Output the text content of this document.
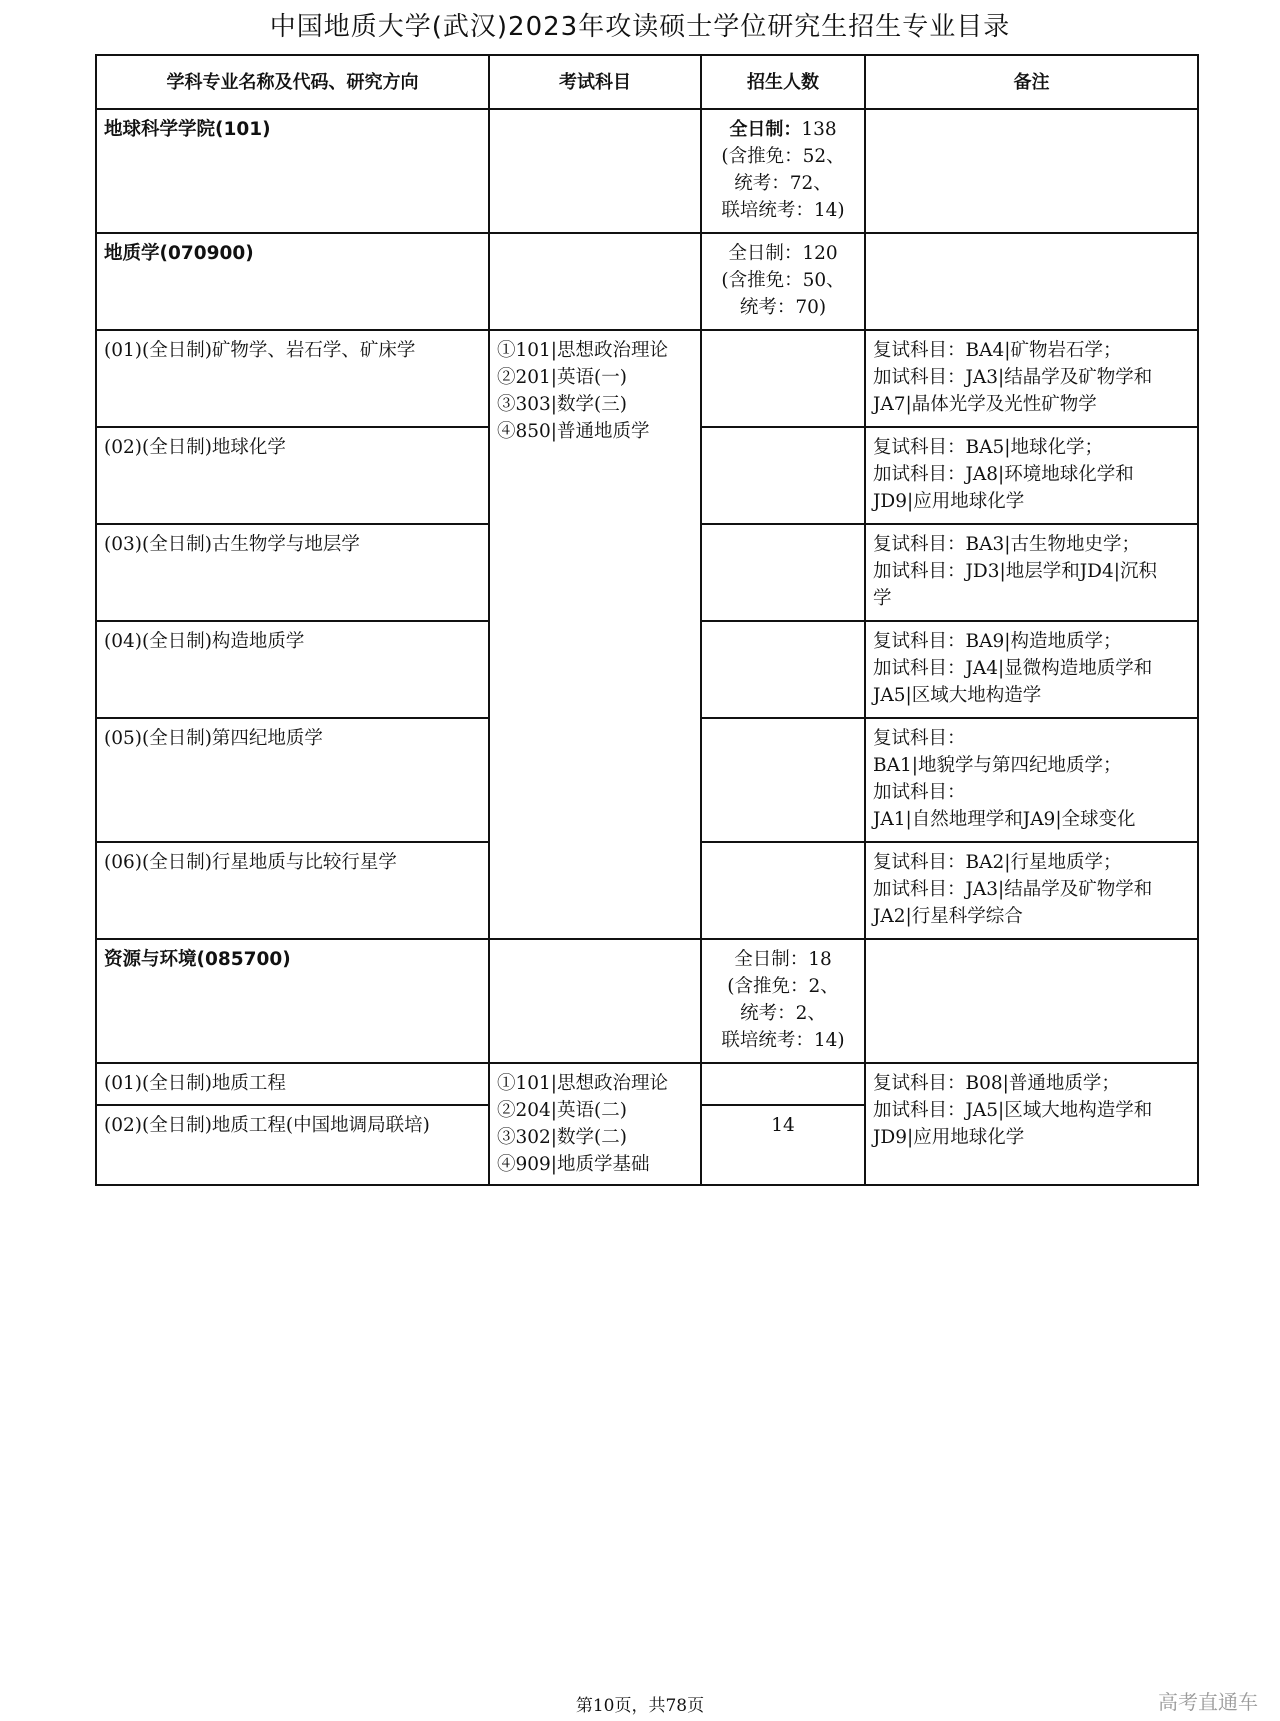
中国地质大学(武汉)2023年攻读硕士学位研究生招生专业目录
学科专业名称及代码、研究方向	考试科目	招生人数	备注
地球科学学院(101)		全日制：138
(含推免：52、
统考：72、
联培统考：14)	

地质学(070900)		全日制：120
(含推免：50、
统考：70)	

(01)(全日制)矿物学、岩石学、矿床学	①101|思想政治理论
②201|英语(一)
③303|数学(三)
④850|普通地质学		复试科目：BA4|矿物岩石学；
加试科目：JA3|结晶学及矿物学和
JA7|晶体光学及光性矿物学

(02)(全日制)地球化学			复试科目：BA5|地球化学；
加试科目：JA8|环境地球化学和
JD9|应用地球化学

(03)(全日制)古生物学与地层学			复试科目：BA3|古生物地史学；
加试科目：JD3|地层学和JD4|沉积
学

(04)(全日制)构造地质学			复试科目：BA9|构造地质学；
加试科目：JA4|显微构造地质学和
JA5|区域大地构造学

(05)(全日制)第四纪地质学			复试科目：
BA1|地貌学与第四纪地质学；
加试科目：
JA1|自然地理学和JA9|全球变化

(06)(全日制)行星地质与比较行星学			复试科目：BA2|行星地质学；
加试科目：JA3|结晶学及矿物学和
JA2|行星科学综合

资源与环境(085700)		全日制：18
(含推免：2、
统考：2、
联培统考：14)	

(01)(全日制)地质工程	①101|思想政治理论
②204|英语(二)
③302|数学(二)
④909|地质学基础		复试科目：B08|普通地质学；
加试科目：JA5|区域大地构造学和
JD9|应用地球化学

(02)(全日制)地质工程(中国地调局联培)		14	
第10页，共78页	高考直通车
